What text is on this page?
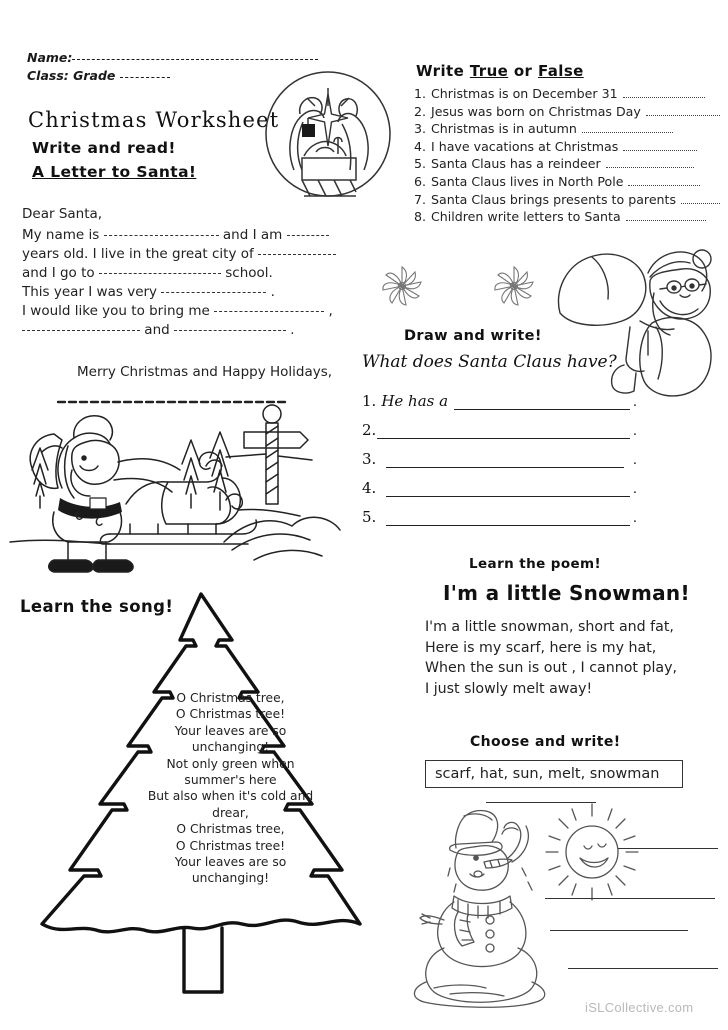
Name:
Class: Grade
Christmas Worksheet
Write and read!
A Letter to Santa!
Dear Santa,
My name is	and I am
years old. I live in the great city of
and I go to	school.
This year I was very	.
I would like you to bring me	,
and	.
Merry Christmas and Happy Holidays,
Write True or False
1. Christmas is on December 31
2. Jesus was born on Christmas Day
3. Christmas is in autumn
4. I have vacations at Christmas
5. Santa Claus has a reindeer
6. Santa Claus lives in North Pole
7. Santa Claus brings presents to parents
8. Children write letters to Santa
Draw and write!
What does Santa Claus have?
1. He has a	.
2.	.
3.	.
4.	.
5.	.
Learn the poem!
I'm a little Snowman!
I'm a little snowman, short and fat,
Here is my scarf, here is my hat,
When the sun is out , I cannot play,
I just slowly melt away!
Choose and write!
scarf, hat, sun, melt, snowman
Learn the song!
O Christmas tree,
O Christmas tree!
Your leaves are so
unchanging!
Not only green when
summer's here
But also when it's cold and
drear,
O Christmas tree,
O Christmas tree!
Your leaves are so
unchanging!
iSLCollective.com
